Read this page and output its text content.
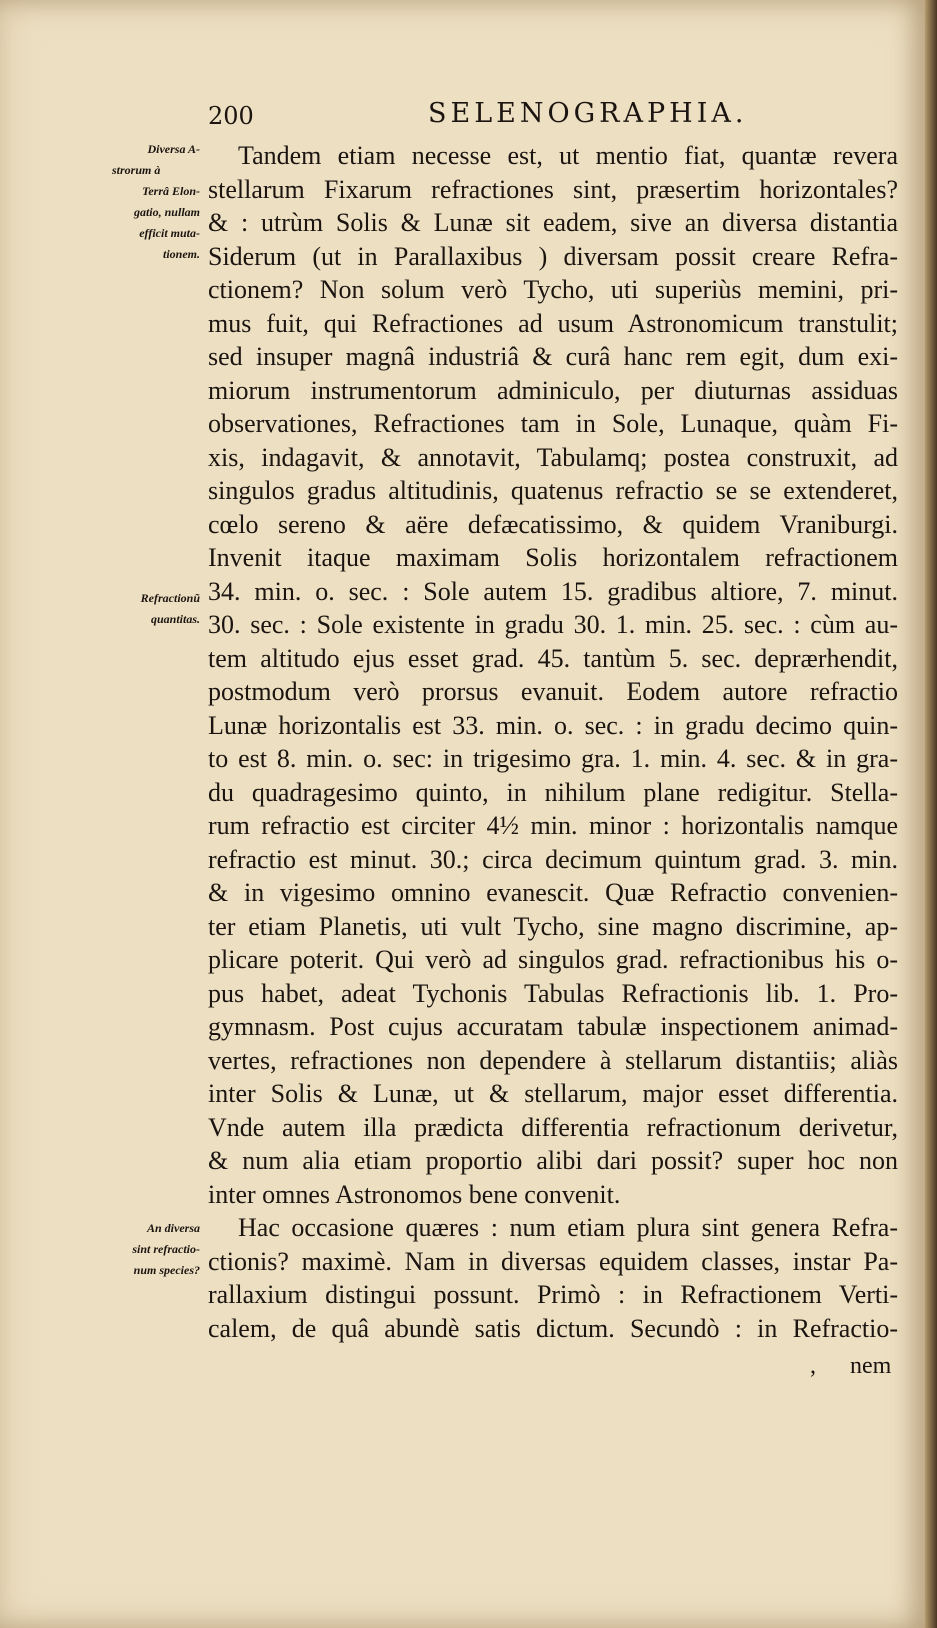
200	SELENOGRAPHIA.
Diversa A-
strorum à
Terrâ Elon-
gatio, nullam
efficit muta-
tionem.
Refractionũ
quantitas.
An diversa
sint refractio-
num species?
Tandem etiam necesse est, ut mentio fiat, quantæ revera
stellarum Fixarum refractiones sint, præsertim horizontales?
& : utrùm Solis & Lunæ sit eadem, sive an diversa distantia
Siderum (ut in Parallaxibus ) diversam possit creare Refra-
ctionem? Non solum verò Tycho, uti superiùs memini, pri-
mus fuit, qui Refractiones ad usum Astronomicum transtulit;
sed insuper magnâ industriâ & curâ hanc rem egit, dum exi-
miorum instrumentorum adminiculo, per diuturnas assiduas
observationes, Refractiones tam in Sole, Lunaque, quàm Fi-
xis, indagavit, & annotavit, Tabulamq; postea construxit, ad
singulos gradus altitudinis, quatenus refractio se se extenderet,
cœlo sereno & aëre defæcatissimo, & quidem Vraniburgi.
Invenit itaque maximam Solis horizontalem refractionem
34. min. o. sec. : Sole autem 15. gradibus altiore, 7. minut.
30. sec. : Sole existente in gradu 30. 1. min. 25. sec. : cùm au-
tem altitudo ejus esset grad. 45. tantùm 5. sec. deprærhendit,
postmodum verò prorsus evanuit. Eodem autore refractio
Lunæ horizontalis est 33. min. o. sec. : in gradu decimo quin-
to est 8. min. o. sec: in trigesimo gra. 1. min. 4. sec. & in gra-
du quadragesimo quinto, in nihilum plane redigitur. Stella-
rum refractio est circiter 4½ min. minor : horizontalis namque
refractio est minut. 30.; circa decimum quintum grad. 3. min.
& in vigesimo omnino evanescit. Quæ Refractio convenien-
ter etiam Planetis, uti vult Tycho, sine magno discrimine, ap-
plicare poterit. Qui verò ad singulos grad. refractionibus his o-
pus habet, adeat Tychonis Tabulas Refractionis lib. 1. Pro-
gymnasm. Post cujus accuratam tabulæ inspectionem animad-
vertes, refractiones non dependere à stellarum distantiis; aliàs
inter Solis & Lunæ, ut & stellarum, major esset differentia.
Vnde autem illa prædicta differentia refractionum derivetur,
& num alia etiam proportio alibi dari possit? super hoc non
inter omnes Astronomos bene convenit.
Hac occasione quæres : num etiam plura sint genera Refra-
ctionis? maximè. Nam in diversas equidem classes, instar Pa-
rallaxium distingui possunt. Primò : in Refractionem Verti-
calem, de quâ abundè satis dictum. Secundò : in Refractio-
, nem
